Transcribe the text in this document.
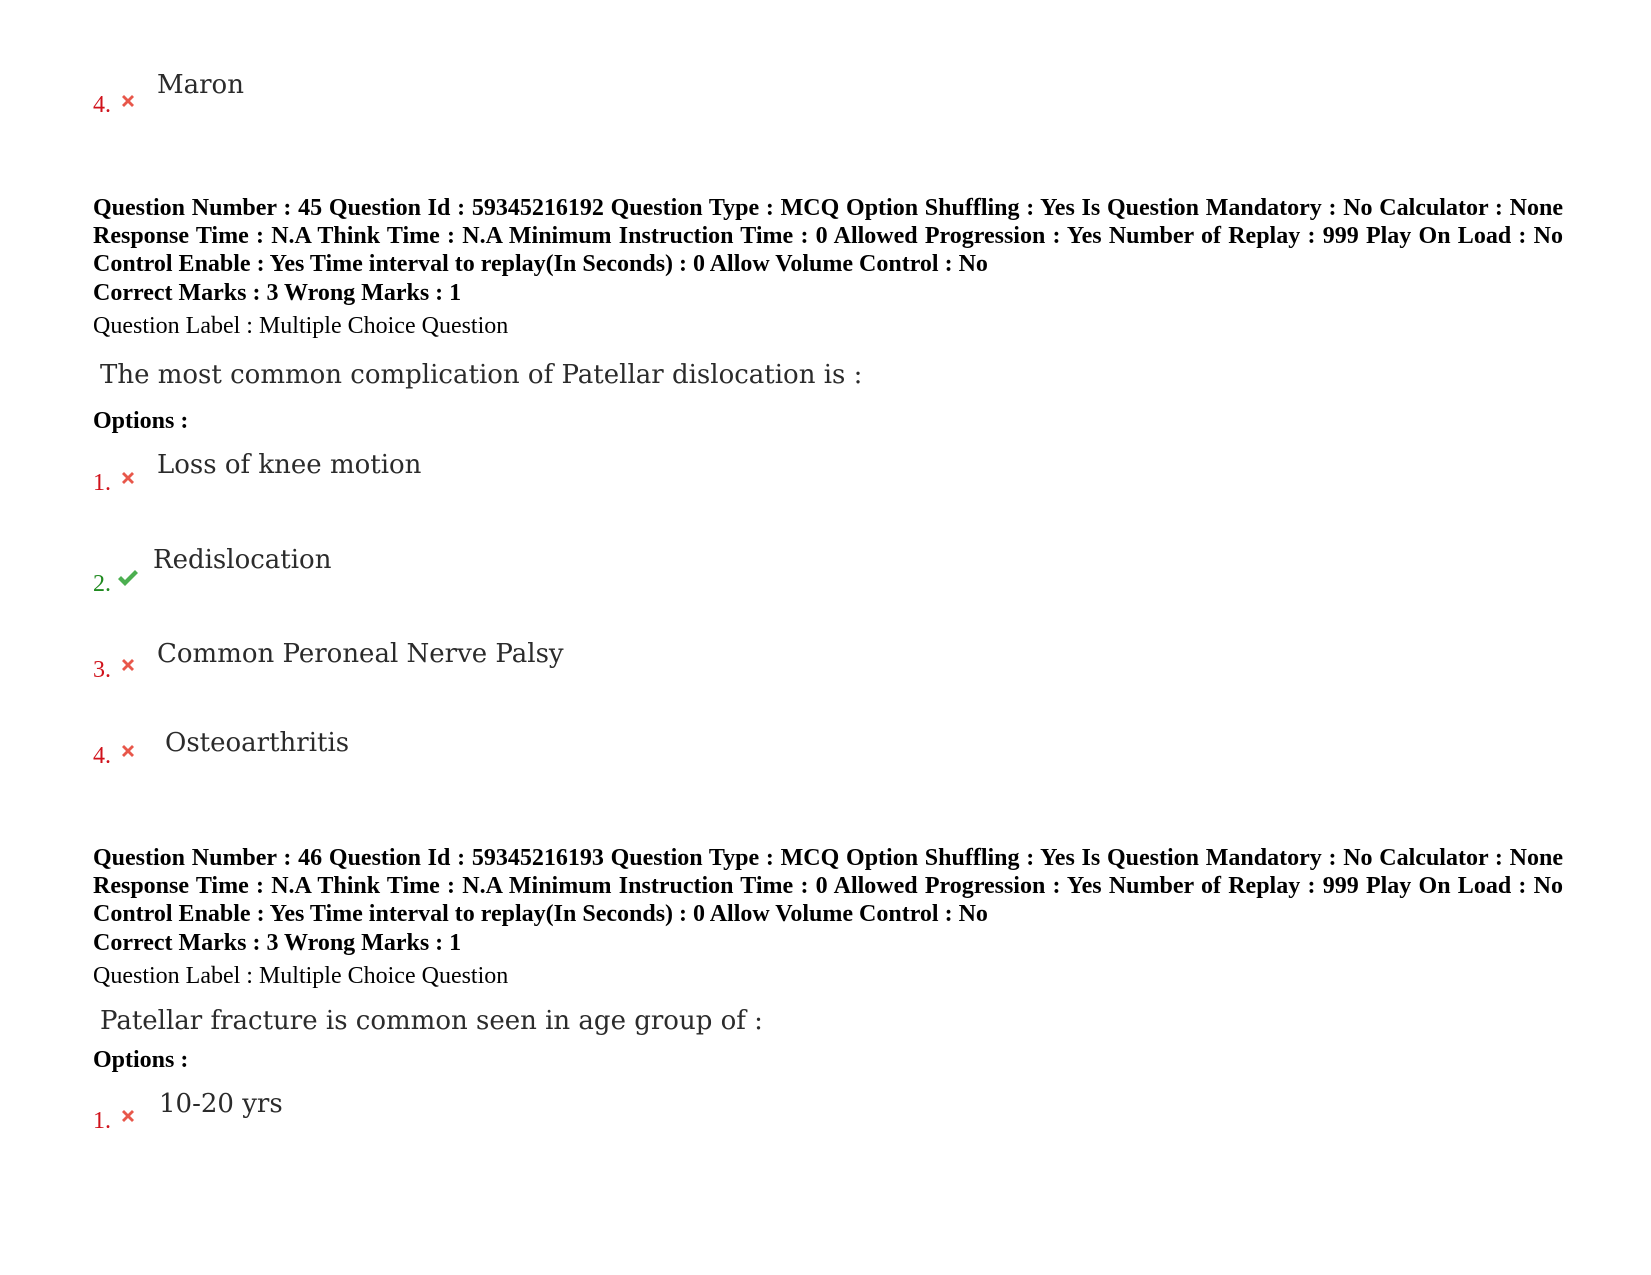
4.
Maron
Question Number : 45 Question Id : 59345216192 Question Type : MCQ Option Shuffling : Yes Is Question Mandatory : No Calculator : None Response Time : N.A Think Time : N.A Minimum Instruction Time : 0 Allowed Progression : Yes Number of Replay : 999 Play On Load : No Control Enable : Yes Time interval to replay(In Seconds) : 0 Allow Volume Control : No
Correct Marks : 3 Wrong Marks : 1
Question Label : Multiple Choice Question
The most common complication of Patellar dislocation is :
Options :
1.
Loss of knee motion
2.
Redislocation
3.
Common Peroneal Nerve Palsy
4. Osteoarthritis
Question Number : 46 Question Id : 59345216193 Question Type : MCQ Option Shuffling : Yes Is Question Mandatory : No Calculator : None Response Time : N.A Think Time : N.A Minimum Instruction Time : 0 Allowed Progression : Yes Number of Replay : 999 Play On Load : No Control Enable : Yes Time interval to replay(In Seconds) : 0 Allow Volume Control : No
Correct Marks : 3 Wrong Marks : 1
Question Label : Multiple Choice Question
Patellar fracture is common seen in age group of :
Options :
1.
10-20 yrs
